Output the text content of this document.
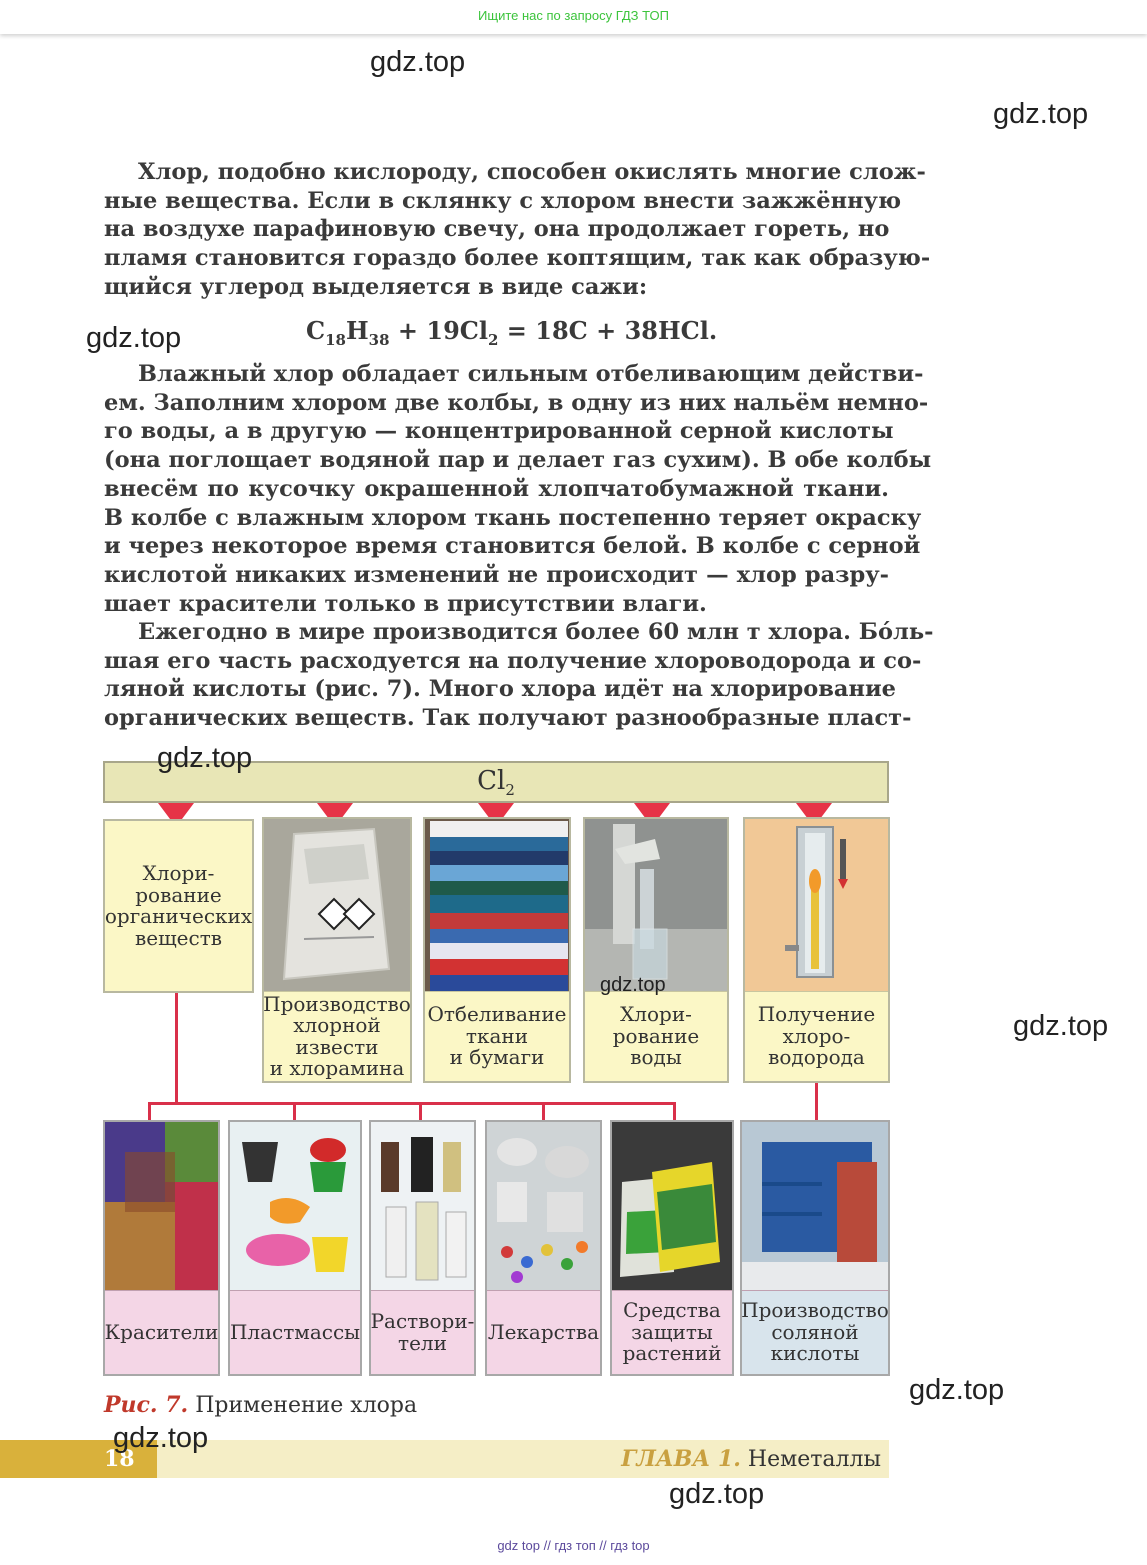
Ищите нас по запросу ГДЗ ТОП
gdz.top
gdz.top
gdz.top
Хлор, подобно кислороду, способен окислять многие слож-
ные вещества. Если в склянку с хлором внести зажжённую
на воздухе парафиновую свечу, она продолжает гореть, но
пламя становится гораздо более коптящим, так как образую-
щийся углерод выделяется в виде сажи:
$C_{18}H_{38} + 19Cl_2 = 18C + 38HCl$.
Влажный хлор обладает сильным отбеливающим действи-
ем. Заполним хлором две колбы, в одну из них нальём немно-
го воды, а в другую — концентрированной серной кислоты
(она поглощает водяной пар и делает газ сухим). В обе колбы
внесём по кусочку окрашенной хлопчатобумажной ткани.
В колбе с влажным хлором ткань постепенно теряет окраску
и через некоторое время становится белой. В колбе с серной
кислотой никаких изменений не происходит — хлор разру-
шает красители только в присутствии влаги.
Ежегодно в мире производится более 60 млн т хлора. Бóль-
шая его часть расходуется на получение хлороводорода и со-
ляной кислоты (рис. 7). Много хлора идёт на хлорирование
органических веществ. Так получают разнообразные пласт-
$Cl_2$
Хлори-
рование
органических
веществ
Производство
хлорной
извести
и хлорамина
Отбеливание
ткани
и бумаги
Хлори-
рование
воды
Получение
хлоро-
водорода
gdz.top
gdz.top
gdz.top
Красители Пластмассы Раствори-
тели	Лекарства
Средства
защиты
растений
Производство
соляной
кислоты
gdz.top
Рис. 7. Применение хлора
18	ГЛАВА 1. Неметаллы
gdz.top
gdz.top
gdz top // гдз топ // гдз top
